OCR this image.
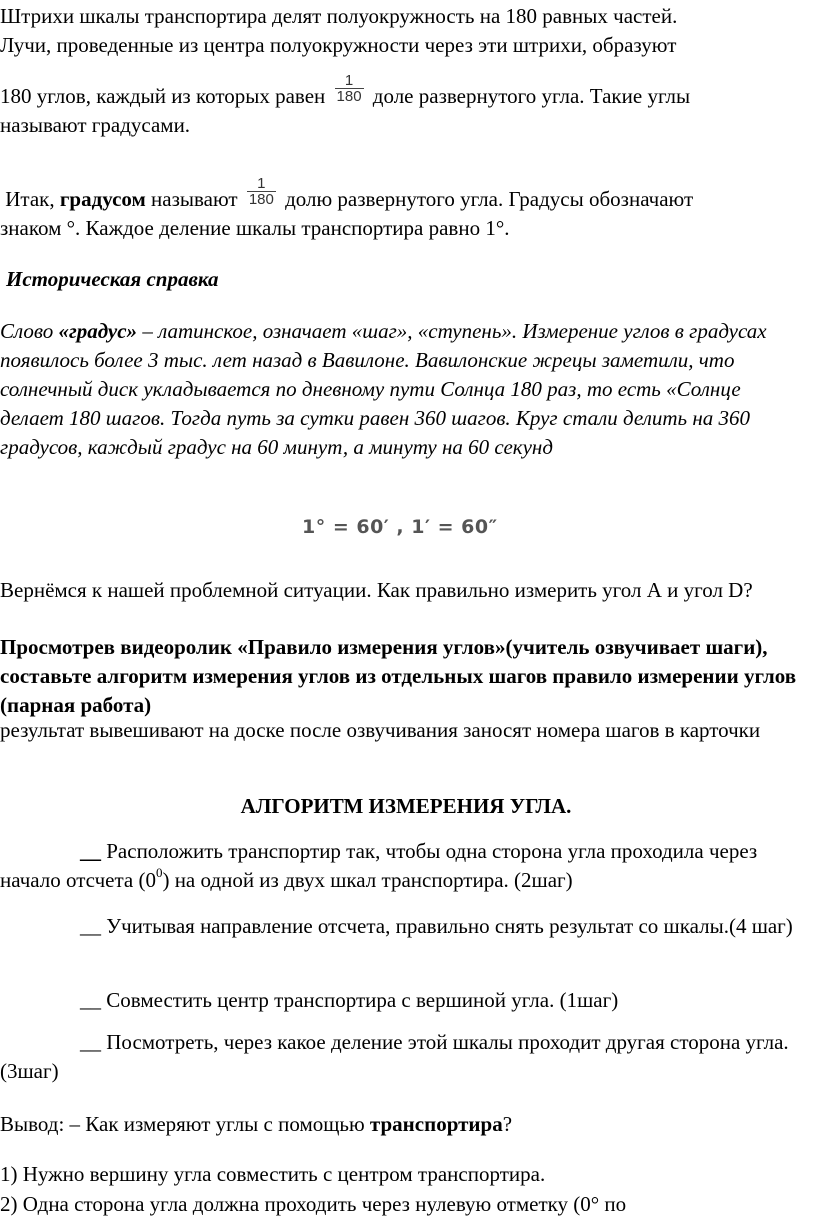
Штрихи шкалы транспортира делят полуокружность на 180 равных частей.
Лучи, проведенные из центра полуокружности через эти штрихи, образуют
180 углов, каждый из которых равен $\frac{1}{180}$ доле развернутого угла. Такие углы
называют градусами.
Итак, градусом называют $\frac{1}{180}$ долю развернутого угла. Градусы обозначают
знаком °. Каждое деление шкалы транспортира равно 1°.
Историческая справка
Слово «градус» – латинское, означает «шаг», «ступень». Измерение углов в градусах появилось более 3 тыс. лет назад в Вавилоне. Вавилонские жрецы заметили, что солнечный диск укладывается по дневному пути Солнца 180 раз, то есть «Солнце делает 180 шагов. Тогда путь за сутки равен 360 шагов. Круг стали делить на 360 градусов, каждый градус на 60 минут, а минуту на 60 секунд
1° = 60′ , 1′ = 60″
Вернёмся к нашей проблемной ситуации. Как правильно измерить угол А и угол D?
Просмотрев видеоролик «Правило измерения углов»(учитель озвучивает шаги), составьте алгоритм измерения углов из отдельных шагов правило измерении углов (парная работа)
результат вывешивают на доске после озвучивания заносят номера шагов в карточки
АЛГОРИТМ ИЗМЕРЕНИЯ УГЛА.
__ Расположить транспортир так, чтобы одна сторона угла проходила через начало отсчета $(0^0)$ на одной из двух шкал транспортира. (2шаг)
__ Учитывая направление отсчета, правильно снять результат со шкалы.(4 шаг)
__ Совместить центр транспортира с вершиной угла. (1шаг)
__ Посмотреть, через какое деление этой шкалы проходит другая сторона угла.(3шаг)
Вывод: – Как измеряют углы с помощью транспортира?
1) Нужно вершину угла совместить с центром транспортира.
2) Одна сторона угла должна проходить через нулевую отметку (0° по
